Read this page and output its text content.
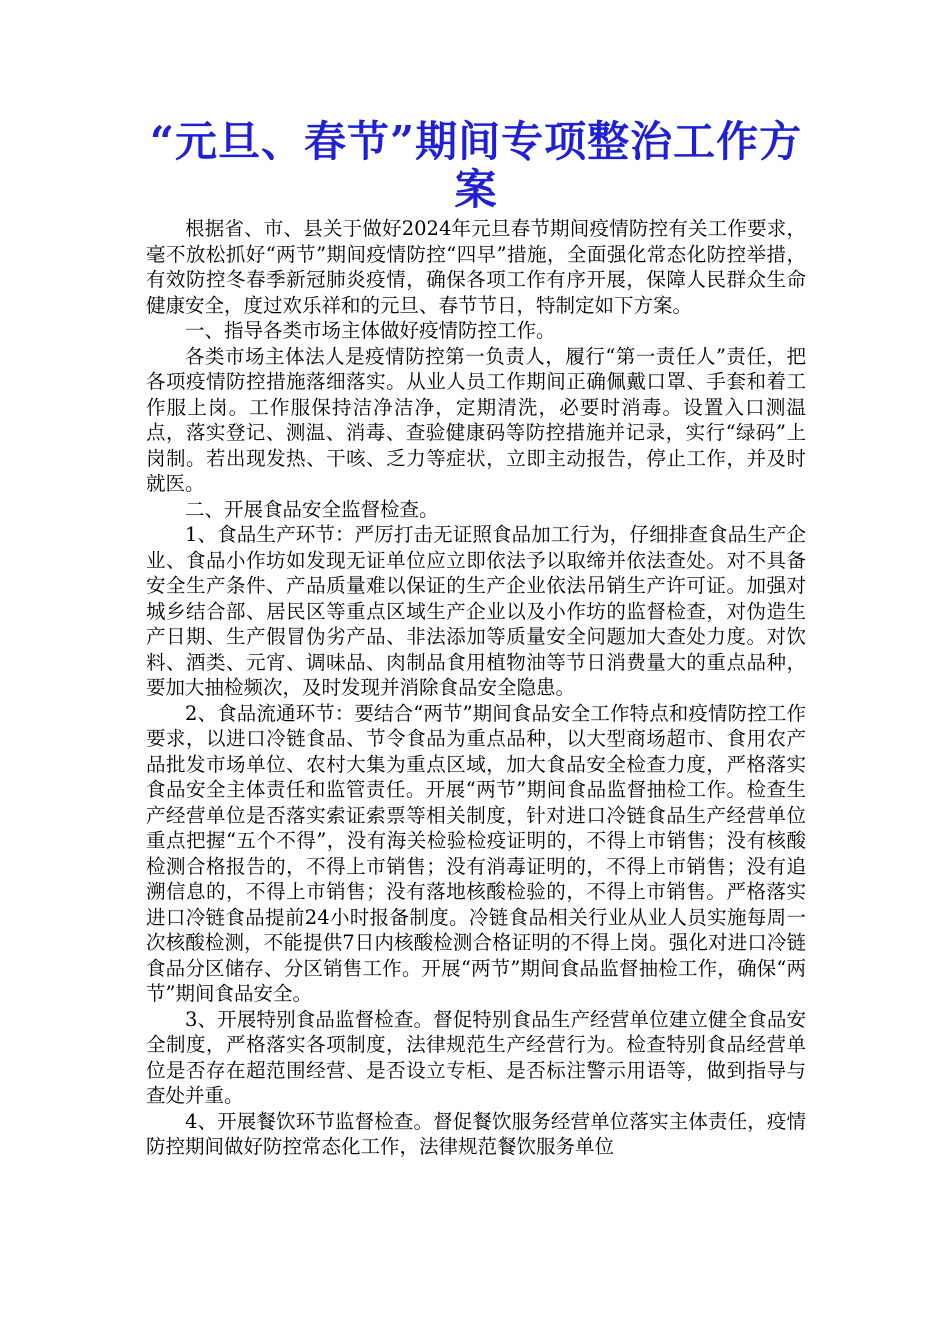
“元旦、春节”期间专项整治工作方案

根据省、市、县关于做好2024年元旦春节期间疫情防控有关工作要求，毫不放松抓好“两节”期间疫情防控“四早”措施，全面强化常态化防控举措，有效防控冬春季新冠肺炎疫情，确保各项工作有序开展，保障人民群众生命健康安全，度过欢乐祥和的元旦、春节节日，特制定如下方案。

一、指导各类市场主体做好疫情防控工作。

各类市场主体法人是疫情防控第一负责人，履行“第一责任人”责任，把各项疫情防控措施落细落实。从业人员工作期间正确佩戴口罩、手套和着工作服上岗。工作服保持洁净洁净，定期清洗，必要时消毒。设置入口测温点，落实登记、测温、消毒、查验健康码等防控措施并记录，实行“绿码”上岗制。若出现发热、干咳、乏力等症状，立即主动报告，停止工作，并及时就医。

二、开展食品安全监督检查。

1、食品生产环节：严厉打击无证照食品加工行为，仔细排查食品生产企业、食品小作坊如发现无证单位应立即依法予以取缔并依法查处。对不具备安全生产条件、产品质量难以保证的生产企业依法吊销生产许可证。加强对城乡结合部、居民区等重点区域生产企业以及小作坊的监督检查，对伪造生产日期、生产假冒伪劣产品、非法添加等质量安全问题加大查处力度。对饮料、酒类、元宵、调味品、肉制品食用植物油等节日消费量大的重点品种，要加大抽检频次，及时发现并消除食品安全隐患。

2、食品流通环节：要结合“两节”期间食品安全工作特点和疫情防控工作要求，以进口冷链食品、节令食品为重点品种，以大型商场超市、食用农产品批发市场单位、农村大集为重点区域，加大食品安全检查力度，严格落实食品安全主体责任和监管责任。开展“两节”期间食品监督抽检工作。检查生产经营单位是否落实索证索票等相关制度，针对进口冷链食品生产经营单位重点把握“五个不得”，没有海关检验检疫证明的，不得上市销售；没有核酸检测合格报告的，不得上市销售；没有消毒证明的，不得上市销售；没有追溯信息的，不得上市销售；没有落地核酸检验的，不得上市销售。严格落实进口冷链食品提前24小时报备制度。冷链食品相关行业从业人员实施每周一次核酸检测，不能提供7日内核酸检测合格证明的不得上岗。强化对进口冷链食品分区储存、分区销售工作。开展“两节”期间食品监督抽检工作，确保“两节”期间食品安全。

3、开展特别食品监督检查。督促特别食品生产经营单位建立健全食品安全制度，严格落实各项制度，法律规范生产经营行为。检查特别食品经营单位是否存在超范围经营、是否设立专柜、是否标注警示用语等，做到指导与查处并重。

4、开展餐饮环节监督检查。督促餐饮服务经营单位落实主体责任，疫情防控期间做好防控常态化工作，法律规范餐饮服务单位
